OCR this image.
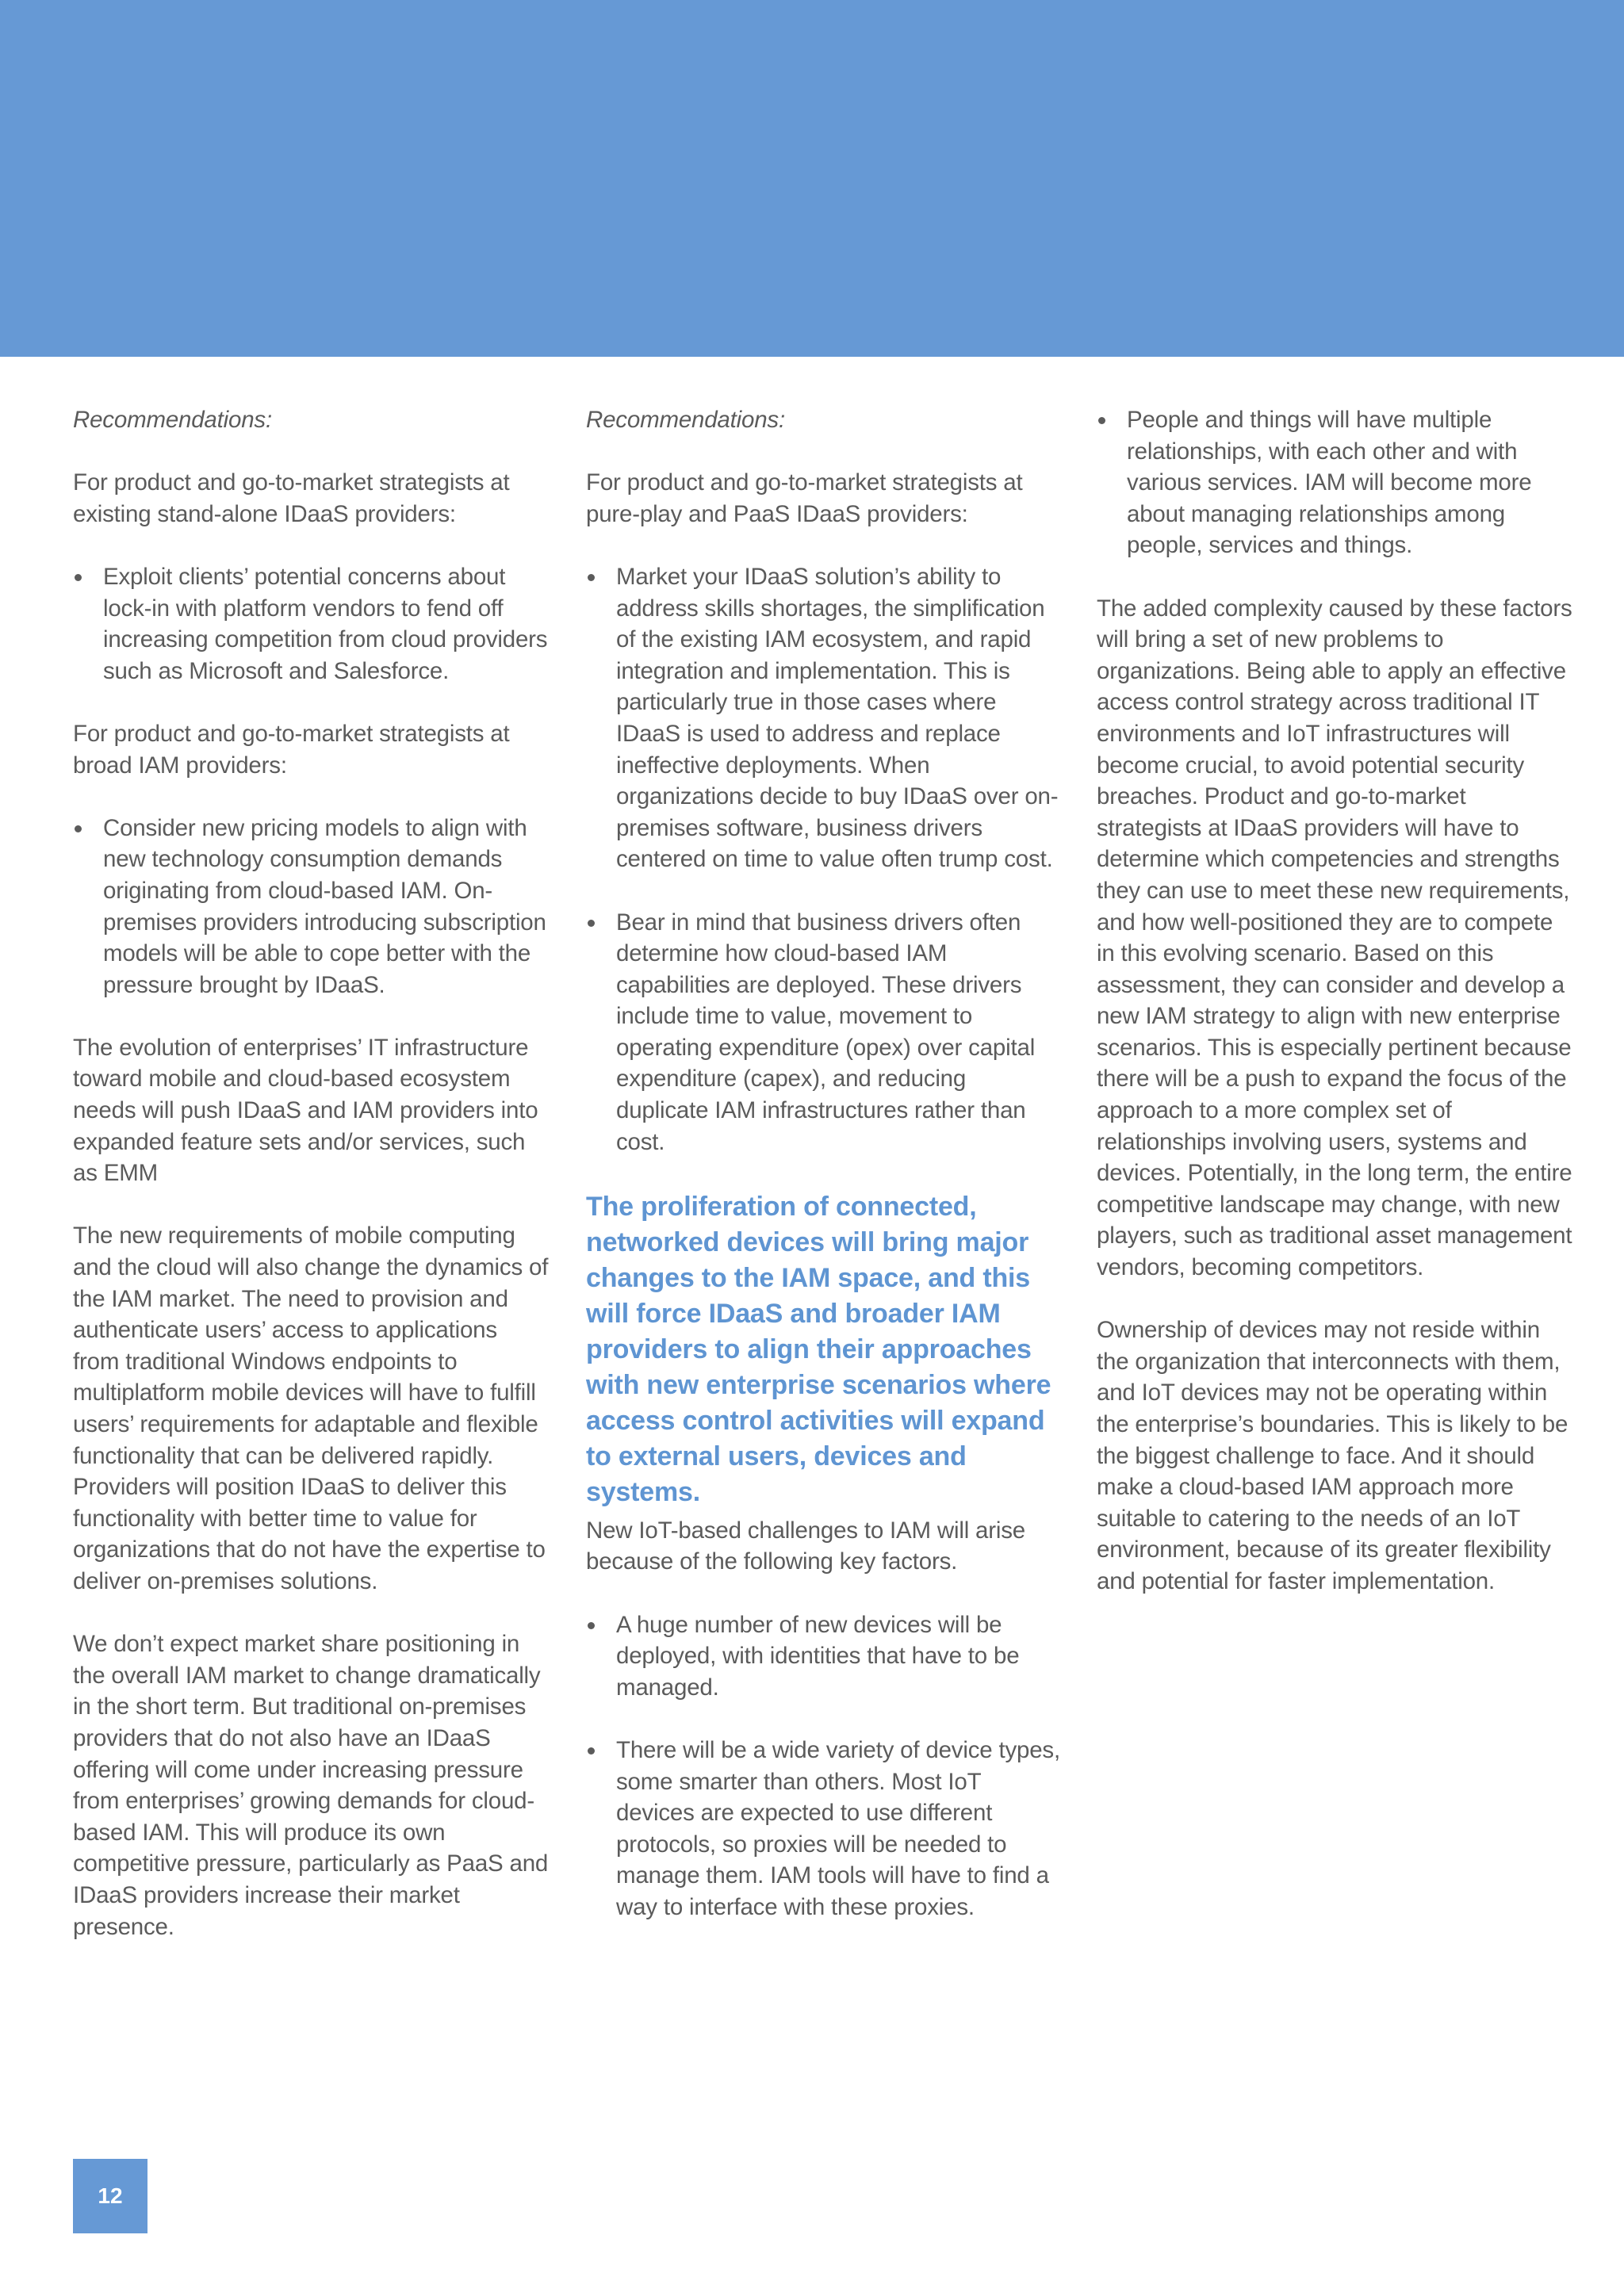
Recommendations:

For product and go-to-market strategists at existing stand-alone IDaaS providers:

Exploit clients’ potential concerns about lock-in with platform vendors to fend off increasing competition from cloud providers such as Microsoft and Salesforce.

For product and go-to-market strategists at broad IAM providers:

Consider new pricing models to align with new technology consumption demands originating from cloud-based IAM. On-premises providers introducing subscription models will be able to cope better with the pressure brought by IDaaS.

The evolution of enterprises’ IT infrastructure toward mobile and cloud-based ecosystem needs will push IDaaS and IAM providers into expanded feature sets and/or services, such as EMM

The new requirements of mobile computing and the cloud will also change the dynamics of the IAM market. The need to provision and authenticate users’ access to applications from traditional Windows endpoints to multiplatform mobile devices will have to fulfill users’ requirements for adaptable and flexible functionality that can be delivered rapidly. Providers will position IDaaS to deliver this functionality with better time to value for organizations that do not have the expertise to deliver on-premises solutions.

We don’t expect market share positioning in the overall IAM market to change dramatically in the short term. But traditional on-premises providers that do not also have an IDaaS offering will come under increasing pressure from enterprises’ growing demands for cloud-based IAM. This will produce its own competitive pressure, particularly as PaaS and IDaaS providers increase their market presence.

Recommendations:

For product and go-to-market strategists at pure-play and PaaS IDaaS providers:

Market your IDaaS solution’s ability to address skills shortages, the simplification of the existing IAM ecosystem, and rapid integration and implementation. This is particularly true in those cases where IDaaS is used to address and replace ineffective deployments. When organizations decide to buy IDaaS over on-premises software, business drivers centered on time to value often trump cost.
Bear in mind that business drivers often determine how cloud-based IAM capabilities are deployed. These drivers include time to value, movement to operating expenditure (opex) over capital expenditure (capex), and reducing duplicate IAM infrastructures rather than cost.

The proliferation of connected, networked devices will bring major changes to the IAM space, and this will force IDaaS and broader IAM providers to align their approaches with new enterprise scenarios where access control activities will expand to external users, devices and systems.

New IoT-based challenges to IAM will arise because of the following key factors.

A huge number of new devices will be deployed, with identities that have to be managed.
There will be a wide variety of device types, some smarter than others. Most IoT devices are expected to use different protocols, so proxies will be needed to manage them. IAM tools will have to find a way to interface with these proxies.
People and things will have multiple relationships, with each other and with various services. IAM will become more about managing relationships among people, services and things.

The added complexity caused by these factors will bring a set of new problems to organizations. Being able to apply an effective access control strategy across traditional IT environments and IoT infrastructures will become crucial, to avoid potential security breaches. Product and go-to-market strategists at IDaaS providers will have to determine which competencies and strengths they can use to meet these new requirements, and how well-positioned they are to compete in this evolving scenario. Based on this assessment, they can consider and develop a new IAM strategy to align with new enterprise scenarios. This is especially pertinent because there will be a push to expand the focus of the approach to a more complex set of relationships involving users, systems and devices. Potentially, in the long term, the entire competitive landscape may change, with new players, such as traditional asset management vendors, becoming competitors.

Ownership of devices may not reside within the organization that interconnects with them, and IoT devices may not be operating within the enterprise’s boundaries. This is likely to be the biggest challenge to face. And it should make a cloud-based IAM approach more suitable to catering to the needs of an IoT environment, because of its greater flexibility and potential for faster implementation.

12
